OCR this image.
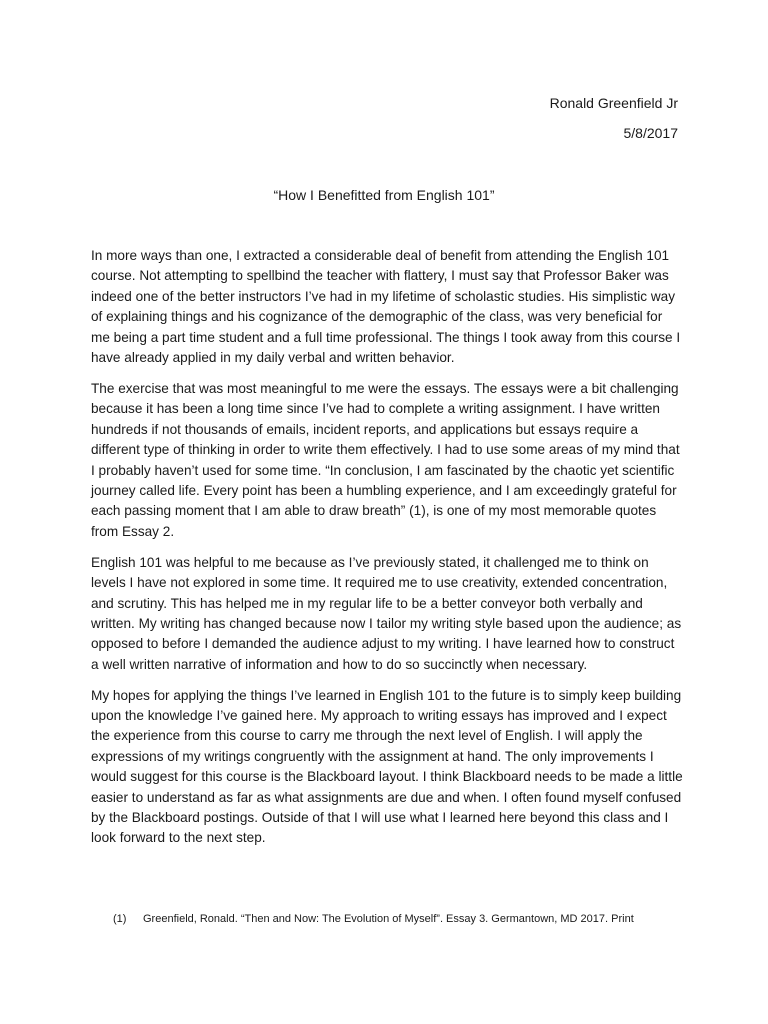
Ronald Greenfield Jr
5/8/2017
“How I Benefitted from English 101”

In more ways than one, I extracted a considerable deal of benefit from attending the English 101 course. Not attempting to spellbind the teacher with flattery, I must say that Professor Baker was indeed one of the better instructors I’ve had in my lifetime of scholastic studies. His simplistic way of explaining things and his cognizance of the demographic of the class, was very beneficial for me being a part time student and a full time professional. The things I took away from this course I have already applied in my daily verbal and written behavior.

The exercise that was most meaningful to me were the essays. The essays were a bit challenging because it has been a long time since I’ve had to complete a writing assignment. I have written hundreds if not thousands of emails, incident reports, and applications but essays require a different type of thinking in order to write them effectively. I had to use some areas of my mind that I probably haven’t used for some time. “In conclusion, I am fascinated by the chaotic yet scientific journey called life. Every point has been a humbling experience, and I am exceedingly grateful for each passing moment that I am able to draw breath” (1), is one of my most memorable quotes from Essay 2.

English 101 was helpful to me because as I’ve previously stated, it challenged me to think on levels I have not explored in some time. It required me to use creativity, extended concentration, and scrutiny. This has helped me in my regular life to be a better conveyor both verbally and written. My writing has changed because now I tailor my writing style based upon the audience; as opposed to before I demanded the audience adjust to my writing. I have learned how to construct a well written narrative of information and how to do so succinctly when necessary.

My hopes for applying the things I’ve learned in English 101 to the future is to simply keep building upon the knowledge I’ve gained here. My approach to writing essays has improved and I expect the experience from this course to carry me through the next level of English. I will apply the expressions of my writings congruently with the assignment at hand. The only improvements I would suggest for this course is the Blackboard layout. I think Blackboard needs to be made a little easier to understand as far as what assignments are due and when. I often found myself confused by the Blackboard postings. Outside of that I will use what I learned here beyond this class and I look forward to the next step.

(1) Greenfield, Ronald. “Then and Now: The Evolution of Myself”. Essay 3. Germantown, MD 2017. Print
